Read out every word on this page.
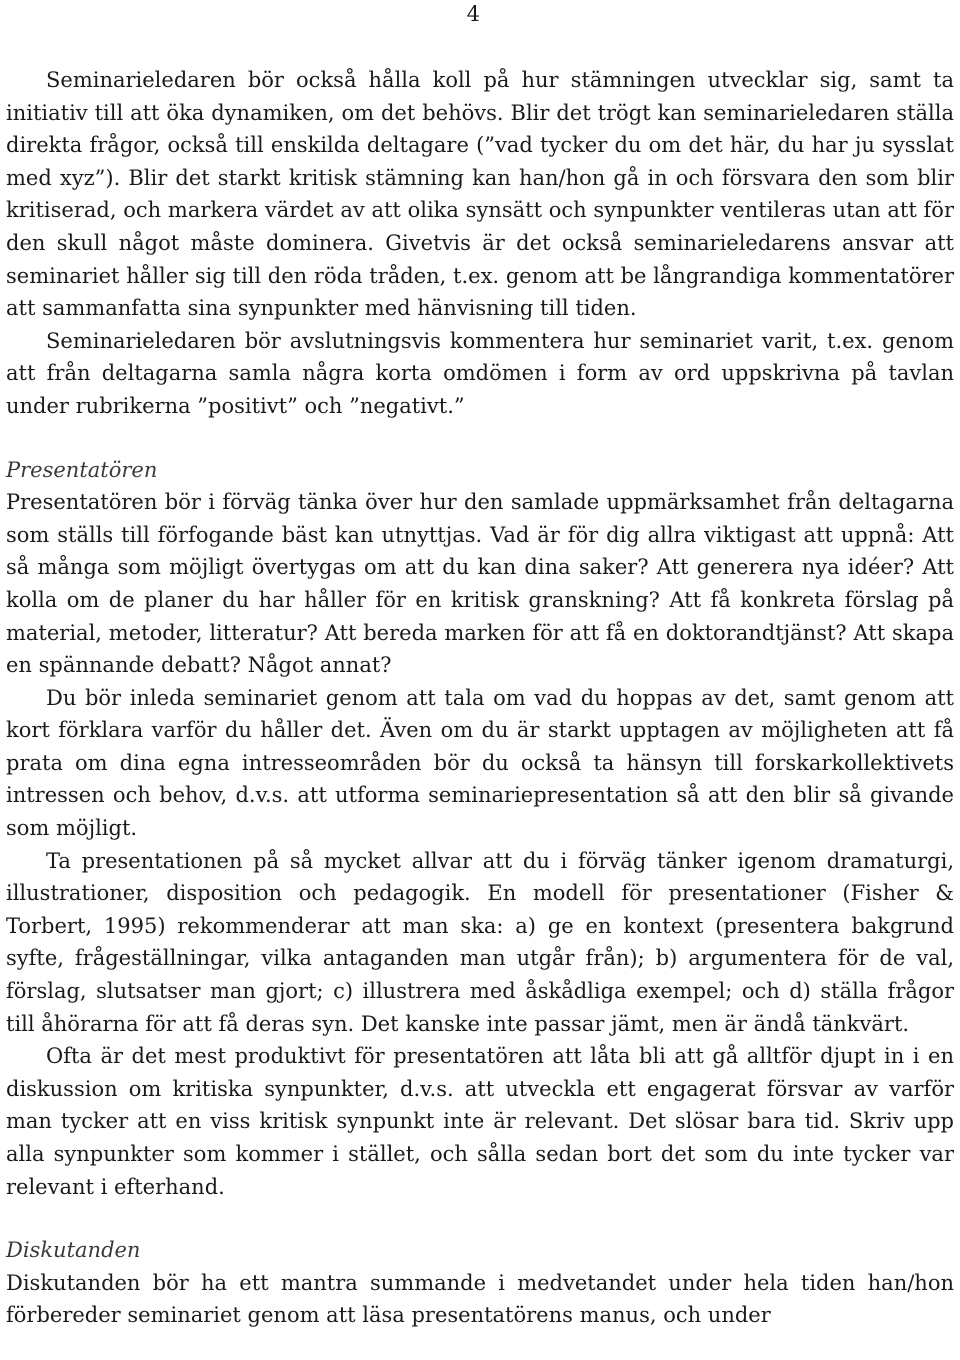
4

Seminarieledaren bör också hålla koll på hur stämningen utvecklar sig, samt ta initiativ till att öka dynamiken, om det behövs. Blir det trögt kan seminarieledaren ställa direkta frågor, också till enskilda deltagare (”vad tycker du om det här, du har ju sysslat med xyz”). Blir det starkt kritisk stämning kan han/hon gå in och försvara den som blir kritiserad, och markera värdet av att olika synsätt och synpunkter ventileras utan att för den skull något måste dominera. Givetvis är det också seminarieledarens ansvar att seminariet håller sig till den röda tråden, t.ex. genom att be långrandiga kommentatörer att sammanfatta sina synpunkter med hänvisning till tiden.

Seminarieledaren bör avslutningsvis kommentera hur seminariet varit, t.ex. genom att från deltagarna samla några korta omdömen i form av ord uppskrivna på tavlan under rubrikerna ”positivt” och ”negativt.”

Presentatören

Presentatören bör i förväg tänka över hur den samlade uppmärksamhet från deltagarna som ställs till förfogande bäst kan utnyttjas. Vad är för dig allra viktigast att uppnå: Att så många som möjligt övertygas om att du kan dina saker? Att generera nya idéer? Att kolla om de planer du har håller för en kritisk granskning? Att få konkreta förslag på material, metoder, litteratur? Att bereda marken för att få en doktorandtjänst? Att skapa en spännande debatt? Något annat?

Du bör inleda seminariet genom att tala om vad du hoppas av det, samt genom att kort förklara varför du håller det. Även om du är starkt upptagen av möjligheten att få prata om dina egna intresseområden bör du också ta hänsyn till forskarkollektivets intressen och behov, d.v.s. att utforma seminariepresentation så att den blir så givande som möjligt.

Ta presentationen på så mycket allvar att du i förväg tänker igenom dramaturgi, illustrationer, disposition och pedagogik. En modell för presentationer (Fisher & Torbert, 1995) rekommenderar att man ska: a) ge en kontext (presentera bakgrund syfte, frågeställningar, vilka antaganden man utgår från); b) argumentera för de val, förslag, slutsatser man gjort; c) illustrera med åskådliga exempel; och d) ställa frågor till åhörarna för att få deras syn. Det kanske inte passar jämt, men är ändå tänkvärt.

Ofta är det mest produktivt för presentatören att låta bli att gå alltför djupt in i en diskussion om kritiska synpunkter, d.v.s. att utveckla ett engagerat försvar av varför man tycker att en viss kritisk synpunkt inte är relevant. Det slösar bara tid. Skriv upp alla synpunkter som kommer i stället, och sålla sedan bort det som du inte tycker var relevant i efterhand.

Diskutanden

Diskutanden bör ha ett mantra summande i medvetandet under hela tiden han/hon förbereder seminariet genom att läsa presentatörens manus, och under
